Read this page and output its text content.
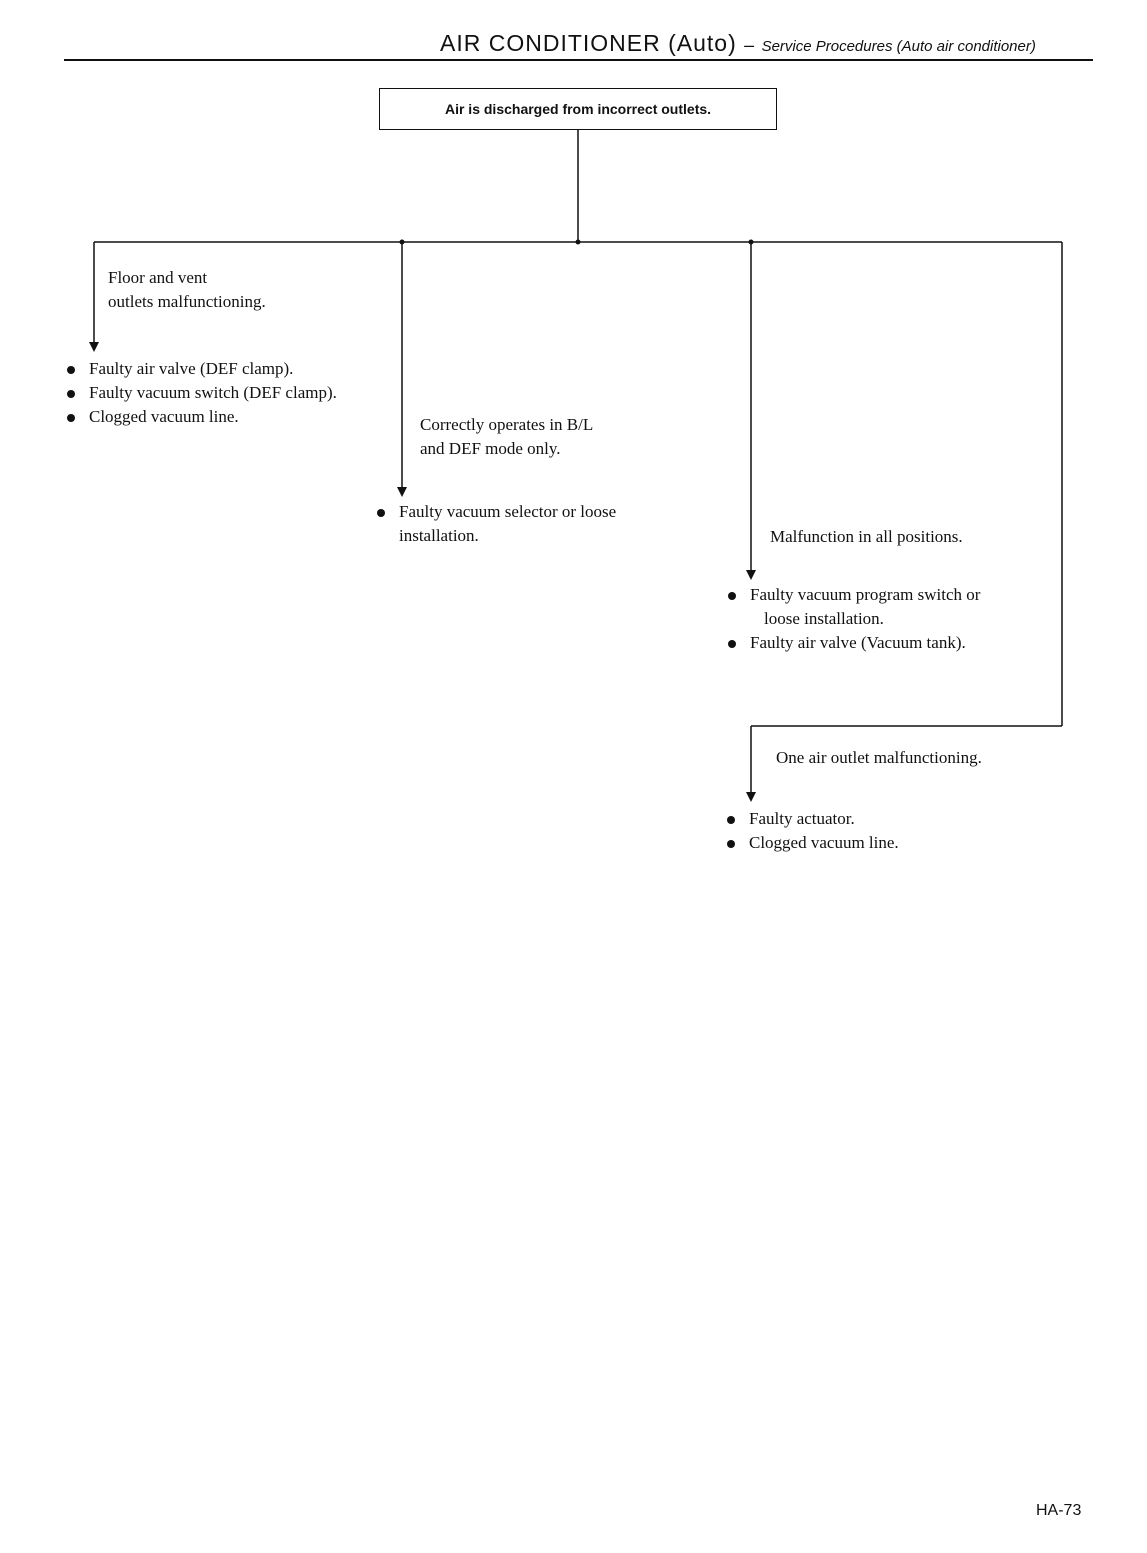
AIR CONDITIONER (Auto) – Service Procedures (Auto air conditioner)
Air is discharged from incorrect outlets.
Floor and vent
outlets malfunctioning.
Faulty air valve (DEF clamp).
Faulty vacuum switch (DEF clamp).
Clogged vacuum line.	Correctly operates in B/L
and DEF mode only.
Faulty vacuum selector or loose
installation.	Malfunction in all positions.
Faulty vacuum program switch or
loose installation.
Faulty air valve (Vacuum tank).
One air outlet malfunctioning.
Faulty actuator.
Clogged vacuum line.
HA-73
